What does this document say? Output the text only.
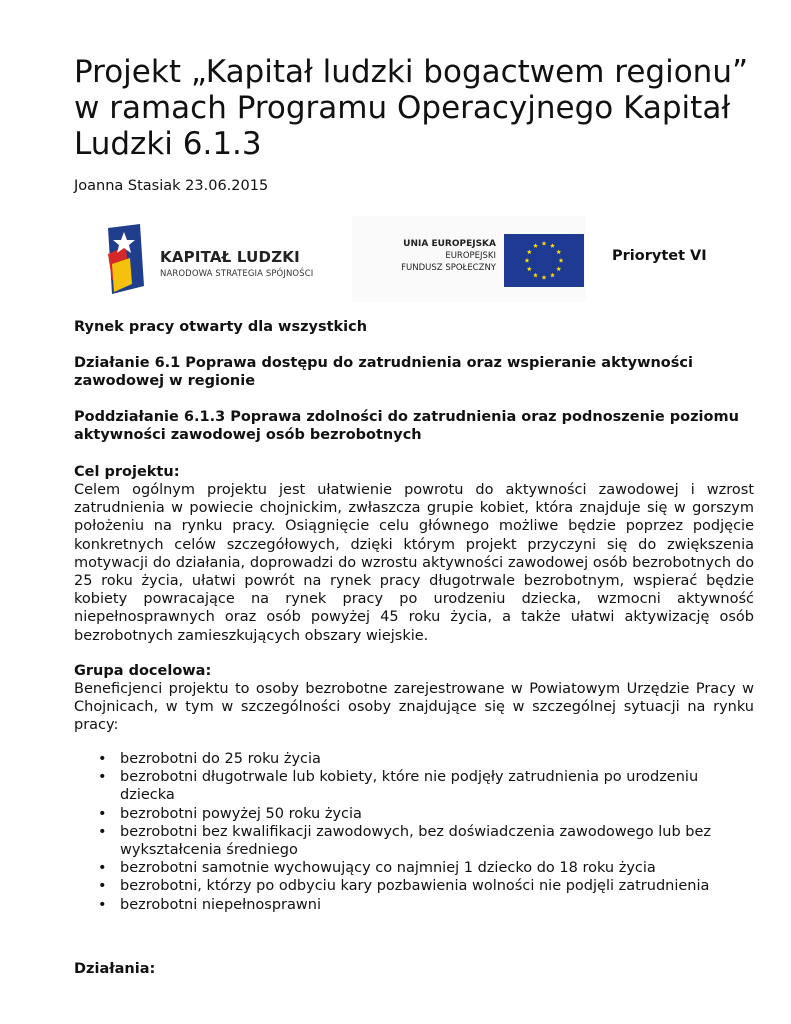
Projekt „Kapitał ludzki bogactwem regionu” w ramach Programu Operacyjnego Kapitał Ludzki 6.1.3
Joanna Stasiak 23.06.2015
KAPITAŁ LUDZKI
NARODOWA STRATEGIA SPÓJNOŚCI
UNIA EUROPEJSKA
EUROPEJSKI
FUNDUSZ SPOŁECZNY
Priorytet VI
Rynek pracy otwarty dla wszystkich
Działanie 6.1 Poprawa dostępu do zatrudnienia oraz wspieranie aktywności zawodowej w regionie
Poddziałanie 6.1.3 Poprawa zdolności do zatrudnienia oraz podnoszenie poziomu aktywności zawodowej osób bezrobotnych
Cel projektu:
Celem ogólnym projektu jest ułatwienie powrotu do aktywności zawodowej i wzrost zatrudnienia w powiecie chojnickim, zwłaszcza grupie kobiet, która znajduje się w gorszym położeniu na rynku pracy. Osiągnięcie celu głównego możliwe będzie poprzez podjęcie konkretnych celów szczegółowych, dzięki którym projekt przyczyni się do zwiększenia motywacji do działania, doprowadzi do wzrostu aktywności zawodowej osób bezrobotnych do 25 roku życia, ułatwi powrót na rynek pracy długotrwale bezrobotnym, wspierać będzie kobiety powracające na rynek pracy po urodzeniu dziecka, wzmocni aktywność niepełnosprawnych oraz osób powyżej 45 roku życia, a także ułatwi aktywizację osób bezrobotnych zamieszkujących obszary wiejskie.
Grupa docelowa:
Beneficjenci projektu to osoby bezrobotne zarejestrowane w Powiatowym Urzędzie Pracy w Chojnicach, w tym w szczególności osoby znajdujące się w szczególnej sytuacji na rynku pracy:
• bezrobotni do 25 roku życia
• bezrobotni długotrwale lub kobiety, które nie podjęły zatrudnienia po urodzeniu dziecka
• bezrobotni powyżej 50 roku życia
• bezrobotni bez kwalifikacji zawodowych, bez doświadczenia zawodowego lub bez wykształcenia średniego
• bezrobotni samotnie wychowujący co najmniej 1 dziecko do 18 roku życia
• bezrobotni, którzy po odbyciu kary pozbawienia wolności nie podjęli zatrudnienia
• bezrobotni niepełnosprawni
Działania:
